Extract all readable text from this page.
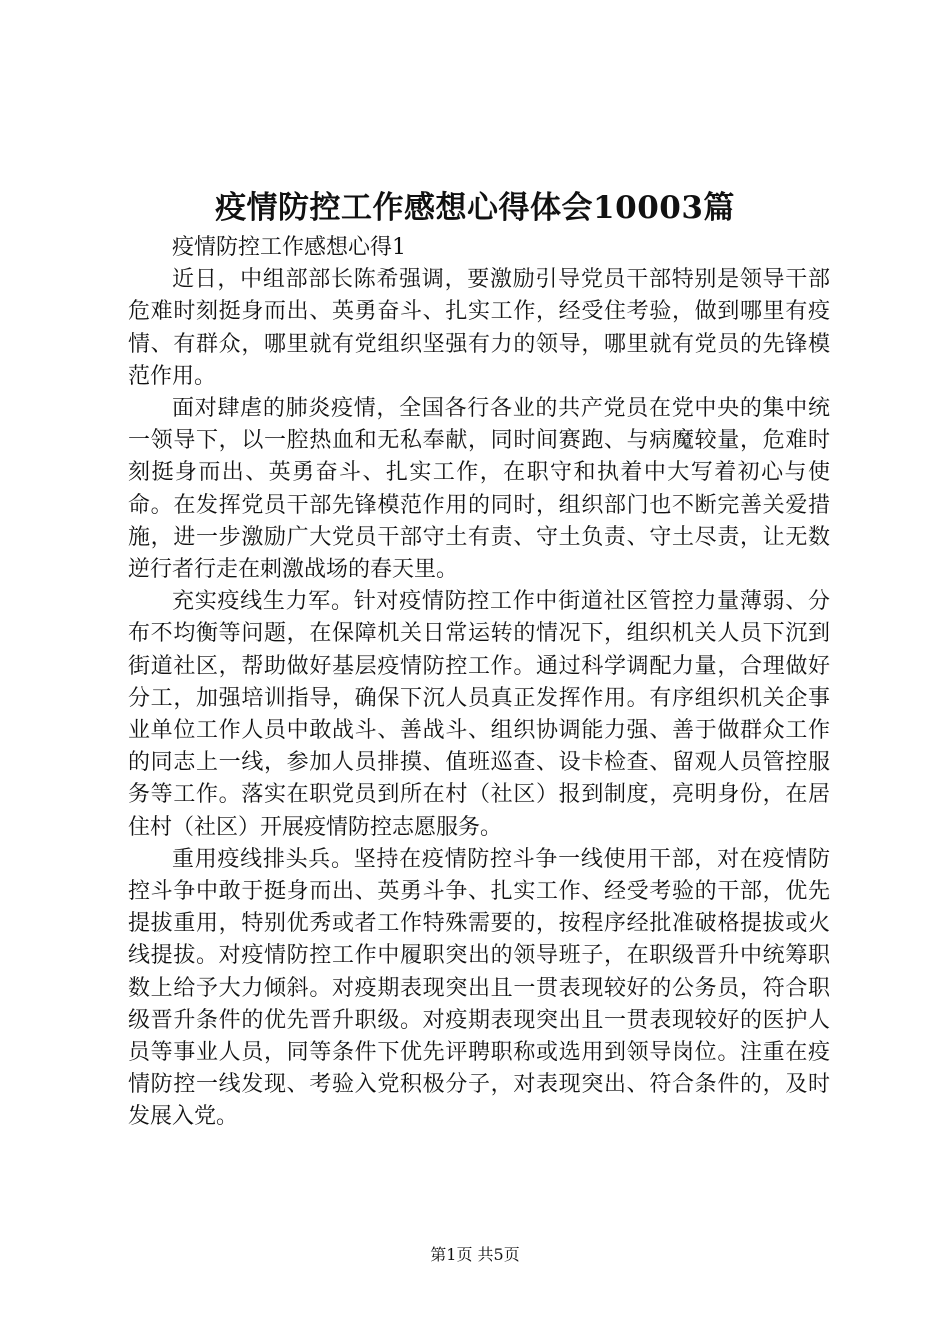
疫情防控工作感想心得体会10003篇

疫情防控工作感想心得1

近日，中组部部长陈希强调，要激励引导党员干部特别是领导干部危难时刻挺身而出、英勇奋斗、扎实工作，经受住考验，做到哪里有疫情、有群众，哪里就有党组织坚强有力的领导，哪里就有党员的先锋模范作用。

面对肆虐的肺炎疫情，全国各行各业的共产党员在党中央的集中统一领导下，以一腔热血和无私奉献，同时间赛跑、与病魔较量，危难时刻挺身而出、英勇奋斗、扎实工作，在职守和执着中大写着初心与使命。在发挥党员干部先锋模范作用的同时，组织部门也不断完善关爱措施，进一步激励广大党员干部守土有责、守土负责、守土尽责，让无数逆行者行走在刺激战场的春天里。

充实疫线生力军。针对疫情防控工作中街道社区管控力量薄弱、分布不均衡等问题，在保障机关日常运转的情况下，组织机关人员下沉到街道社区，帮助做好基层疫情防控工作。通过科学调配力量，合理做好分工，加强培训指导，确保下沉人员真正发挥作用。有序组织机关企事业单位工作人员中敢战斗、善战斗、组织协调能力强、善于做群众工作的同志上一线，参加人员排摸、值班巡查、设卡检查、留观人员管控服务等工作。落实在职党员到所在村（社区）报到制度，亮明身份，在居住村（社区）开展疫情防控志愿服务。

重用疫线排头兵。坚持在疫情防控斗争一线使用干部，对在疫情防控斗争中敢于挺身而出、英勇斗争、扎实工作、经受考验的干部，优先提拔重用，特别优秀或者工作特殊需要的，按程序经批准破格提拔或火线提拔。对疫情防控工作中履职突出的领导班子，在职级晋升中统筹职数上给予大力倾斜。对疫期表现突出且一贯表现较好的公务员，符合职级晋升条件的优先晋升职级。对疫期表现突出且一贯表现较好的医护人员等事业人员，同等条件下优先评聘职称或选用到领导岗位。注重在疫情防控一线发现、考验入党积极分子，对表现突出、符合条件的，及时发展入党。

第1页 共5页
